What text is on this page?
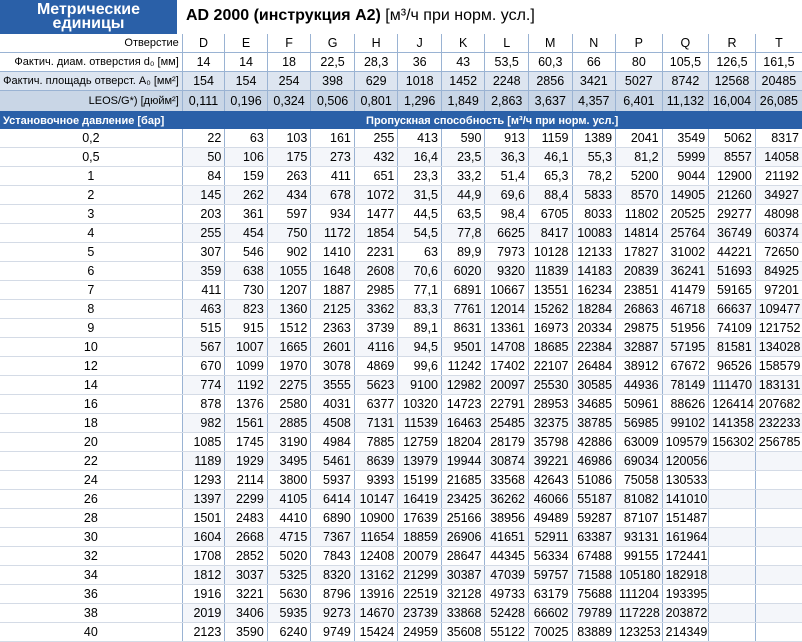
Метрические
единицы	AD 2000 (инструкция A2) [м³/ч при норм. усл.]
Отверстие	D	E	F	G	H	J	K	L	M	N	P	Q	R	T
Фактич. диам. отверстия d₀ [мм]	14	14	18	22,5	28,3	36	43	53,5	60,3	66	80	105,5	126,5	161,5
Фактич. площадь отверст. A₀ [мм²]	154	154	254	398	629	1018	1452	2248	2856	3421	5027	8742	12568	20485
LEOS/G*) [дюйм²]	0,111	0,196	0,324	0,506	0,801	1,296	1,849	2,863	3,637	4,357	6,401	11,132	16,004	26,085
Установочное давление [бар]	Пропускная способность [м³/ч при норм. усл.]													
0,2	22	63	103	161	255	413	590	913	1159	1389	2041	3549	5062	8317
0,5	50	106	175	273	432	16,4	23,5	36,3	46,1	55,3	81,2	5999	8557	14058
1	84	159	263	411	651	23,3	33,2	51,4	65,3	78,2	5200	9044	12900	21192
2	145	262	434	678	1072	31,5	44,9	69,6	88,4	5833	8570	14905	21260	34927
3	203	361	597	934	1477	44,5	63,5	98,4	6705	8033	11802	20525	29277	48098
4	255	454	750	1172	1854	54,5	77,8	6625	8417	10083	14814	25764	36749	60374
5	307	546	902	1410	2231	63	89,9	7973	10128	12133	17827	31002	44221	72650
6	359	638	1055	1648	2608	70,6	6020	9320	11839	14183	20839	36241	51693	84925
7	411	730	1207	1887	2985	77,1	6891	10667	13551	16234	23851	41479	59165	97201
8	463	823	1360	2125	3362	83,3	7761	12014	15262	18284	26863	46718	66637	109477
9	515	915	1512	2363	3739	89,1	8631	13361	16973	20334	29875	51956	74109	121752
10	567	1007	1665	2601	4116	94,5	9501	14708	18685	22384	32887	57195	81581	134028
12	670	1099	1970	3078	4869	99,6	11242	17402	22107	26484	38912	67672	96526	158579
14	774	1192	2275	3555	5623	9100	12982	20097	25530	30585	44936	78149	111470	183131
16	878	1376	2580	4031	6377	10320	14723	22791	28953	34685	50961	88626	126414	207682
18	982	1561	2885	4508	7131	11539	16463	25485	32375	38785	56985	99102	141358	232233
20	1085	1745	3190	4984	7885	12759	18204	28179	35798	42886	63009	109579	156302	256785
22	1189	1929	3495	5461	8639	13979	19944	30874	39221	46986	69034	120056		
24	1293	2114	3800	5937	9393	15199	21685	33568	42643	51086	75058	130533		
26	1397	2299	4105	6414	10147	16419	23425	36262	46066	55187	81082	141010		
28	1501	2483	4410	6890	10900	17639	25166	38956	49489	59287	87107	151487		
30	1604	2668	4715	7367	11654	18859	26906	41651	52911	63387	93131	161964		
32	1708	2852	5020	7843	12408	20079	28647	44345	56334	67488	99155	172441		
34	1812	3037	5325	8320	13162	21299	30387	47039	59757	71588	105180	182918		
36	1916	3221	5630	8796	13916	22519	32128	49733	63179	75688	111204	193395		
38	2019	3406	5935	9273	14670	23739	33868	52428	66602	79789	117228	203872		
40	2123	3590	6240	9749	15424	24959	35608	55122	70025	83889	123253	214349		
